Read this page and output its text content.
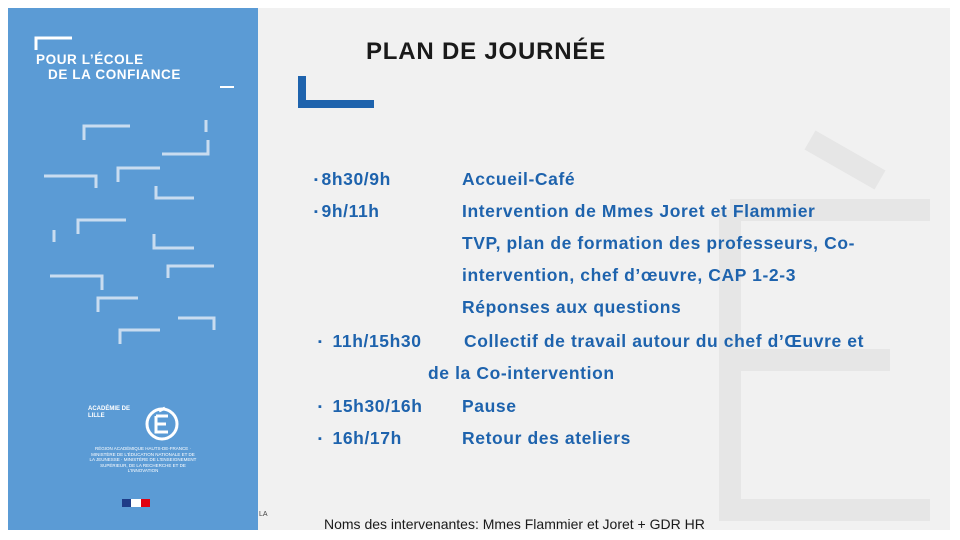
POUR L’ÉCOLE
DE LA CONFIANCE
ACADÉMIE DE LILLE
RÉGION ACADÉMIQUE HAUTS-DE-FRANCE · MINISTÈRE DE L'ÉDUCATION NATIONALE ET DE LA JEUNESSE · MINISTÈRE DE L'ENSEIGNEMENT SUPÉRIEUR, DE LA RECHERCHE ET DE L'INNOVATION
PLAN DE JOURNÉE
▪ 8h30/9h	Accueil-Café
▪ 9h/11h	Intervention de Mmes Joret et Flammier
TVP, plan de formation des professeurs, Co-
intervention, chef d’œuvre, CAP 1-2-3
Réponses aux questions
▪ 11h/15h30 Collectif de travail autour du chef d’Œuvre et
de la Co-intervention
▪ 15h30/16h Pause
▪ 16h/17h	Retour des ateliers
LA
Noms des intervenantes: Mmes Flammier et Joret + GDR HR
